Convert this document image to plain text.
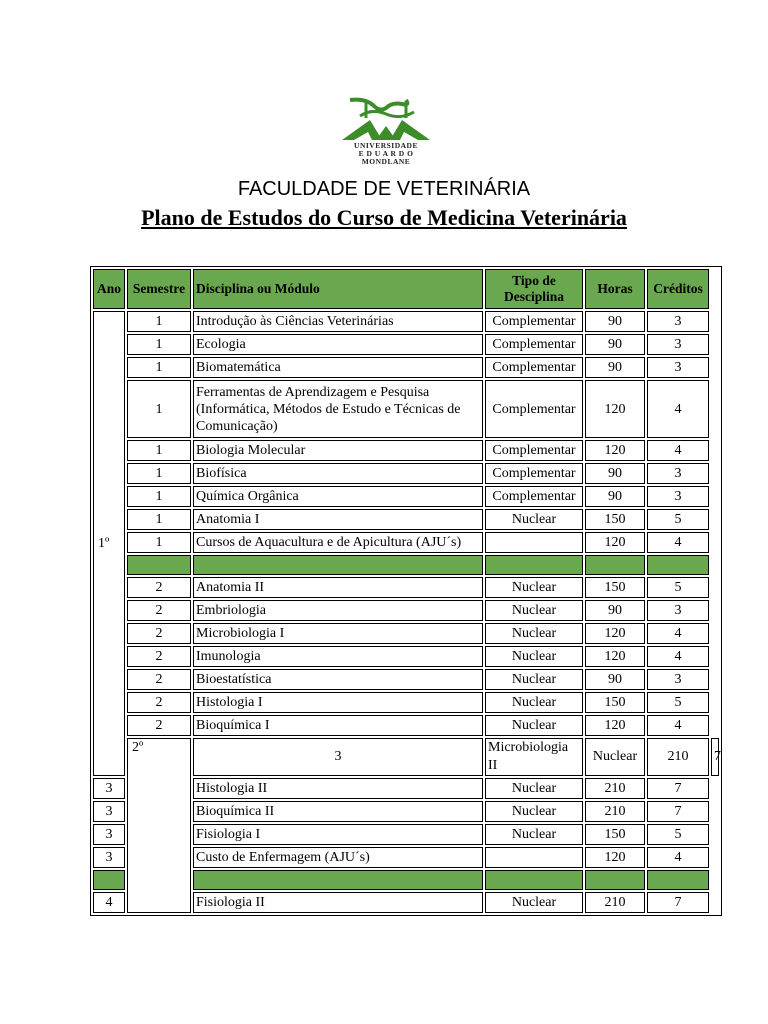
UNIVERSIDADE
E D U A R D O
MONDLANE
FACULDADE DE VETERINÁRIA
Plano de Estudos do Curso de Medicina Veterinária
Ano	Semestre	Disciplina ou Módulo	Tipo de Desciplina	Horas	Créditos	
1º	1	Introdução às Ciências Veterinárias	Complementar	90	3	
	1	Ecologia	Complementar	90	3	
	1	Biomatemática	Complementar	90	3	
	1	Ferramentas de Aprendizagem e Pesquisa (Informática, Métodos de Estudo e Técnicas de Comunicação)	Complementar	120	4	
	1	Biologia Molecular	Complementar	120	4	
	1	Biofísica	Complementar	90	3	
	1	Química Orgânica	Complementar	90	3	
	1	Anatomia I	Nuclear	150	5	
	1	Cursos de Aquacultura e de Apicultura (AJU´s)		120	4	

	2	Anatomia II	Nuclear	150	5	
	2	Embriologia	Nuclear	90	3	
	2	Microbiologia I	Nuclear	120	4	
	2	Imunologia	Nuclear	120	4	
	2	Bioestatística	Nuclear	90	3	
	2	Histologia I	Nuclear	150	5	
	2	Bioquímica I	Nuclear	120	4	
	2º	3	Microbiologia II	Nuclear	210	7
3		Histologia II	Nuclear	210	7	
3		Bioquímica II	Nuclear	210	7	
3		Fisiologia I	Nuclear	150	5	
3		Custo de Enfermagem (AJU´s)		120	4	

4		Fisiologia II	Nuclear	210	7	
